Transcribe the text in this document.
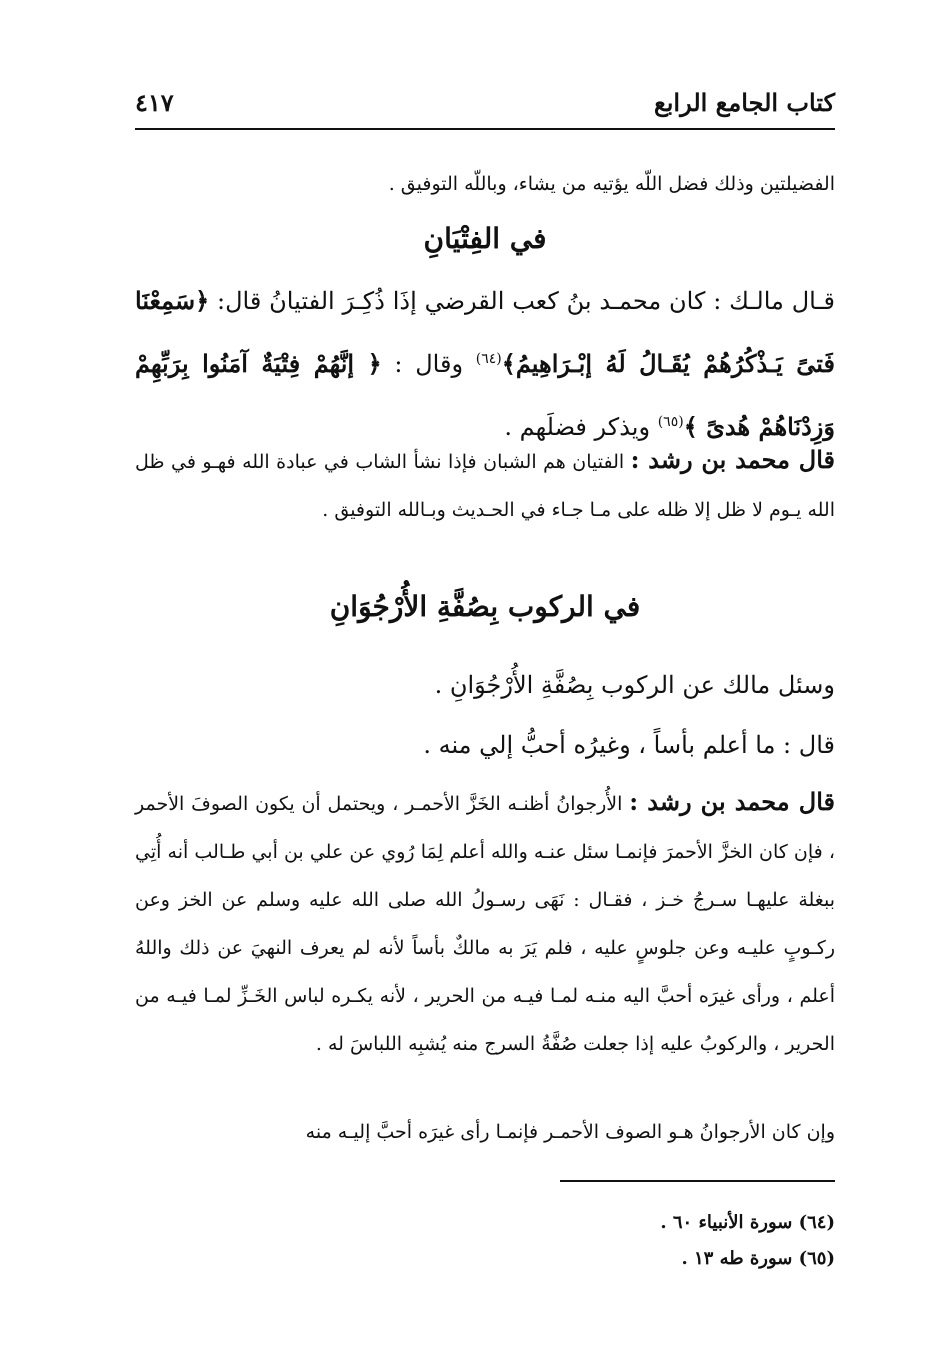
كتاب الجامع الرابع
٤١٧
الفضيلتين وذلك فضل اللّه يؤتيه من يشاء، وباللّه التوفيق .
في الفِتْيَانِ
قـال مالـك : كان محمـد بنُ كعب القرضي إذَا ذُكِـرَ الفتيانُ قال: ﴿سَمِعْنَا فَتىً يَـذْكُرُهُمْ يُقَـالُ لَهُ إبْـرَاهِيمُ﴾$^{(٦٤)}$ وقال : ﴿ إنَّهُمْ فِتْيَةٌ آمَنُوا بِرَبِّهِمْ وَزِدْنَاهُمْ هُدىً ﴾$^{(٦٥)}$ ويذكر فضلَهم .
قال محمد بن رشد : الفتيان هم الشبان فإذا نشأ الشاب في عبادة الله فهـو في ظل الله يـوم لا ظل إلا ظله على مـا جـاء في الحـديث وبـالله التوفيق .
في الركوب بِصُفَّةِ الأُرْجُوَانِ
وسئل مالك عن الركوب بِصُفَّةِ الأُرْجُوَانِ .
قال : ما أعلم بأساً ، وغيرُه أحبُّ إلي منه .
قال محمد بن رشد : الأُرجوانُ أظنـه الخَزَّ الأحمـر ، ويحتمل أن يكون الصوفَ الأحمر ، فإن كان الخزَّ الأحمرَ فإنمـا سئل عنـه والله أعلم لِمَا رُوي عن علي بن أبي طـالب أنه أُتِي ببغلة عليهـا سـرجُ خـز ، فقـال : نَهَى رسـولُ الله صلى الله عليه وسلم عن الخز وعن ركـوبٍ عليـه وعن جلوسٍ عليه ، فلم يَرَ به مالكٌ بأساً لأنه لم يعرف النهيَ عن ذلك واللهُ أعلم ، ورأى غيرَه أحبَّ اليه منـه لمـا فيـه من الحرير ، لأنه يكـره لباس الخَـزِّ لمـا فيـه من الحرير ، والركوبُ عليه إذا جعلت صُفَّةُ السرج منه يُشبِه اللباسَ له .
وإن كان الأرجوانُ هـو الصوف الأحمـر فإنمـا رأى غيرَه أحبَّ إليـه منه
(٦٤) سورة الأنبياء ٦٠ .
(٦٥) سورة طه ١٣ .
